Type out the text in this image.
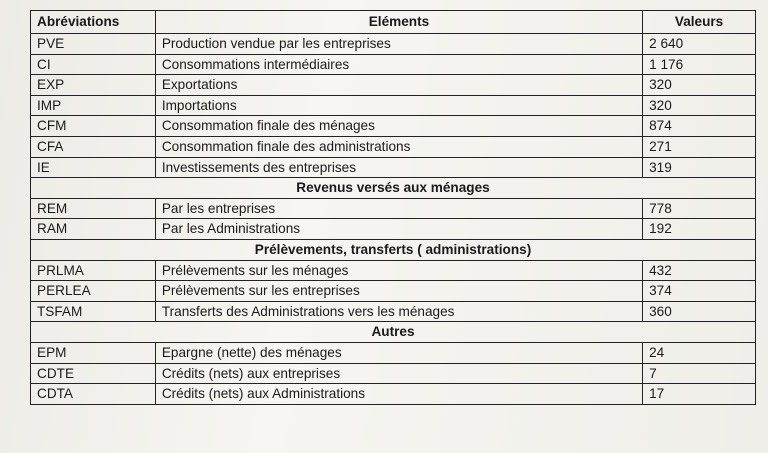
Abréviations	Eléments	Valeurs
PVE	Production vendue par les entreprises	2 640
CI	Consommations intermédiaires	1 176
EXP	Exportations	320
IMP	Importations	320
CFM	Consommation finale des ménages	874
CFA	Consommation finale des administrations	271
IE	Investissements des entreprises	319
Revenus versés aux ménages		
REM	Par les entreprises	778
RAM	Par les Administrations	192
Prélèvements, transferts ( administrations)		
PRLMA	Prélèvements sur les ménages	432
PERLEA	Prélèvements sur les entreprises	374
TSFAM	Transferts des Administrations vers les ménages	360
Autres		
EPM	Epargne (nette) des ménages	24
CDTE	Crédits (nets) aux entreprises	7
CDTA	Crédits (nets) aux Administrations	17
